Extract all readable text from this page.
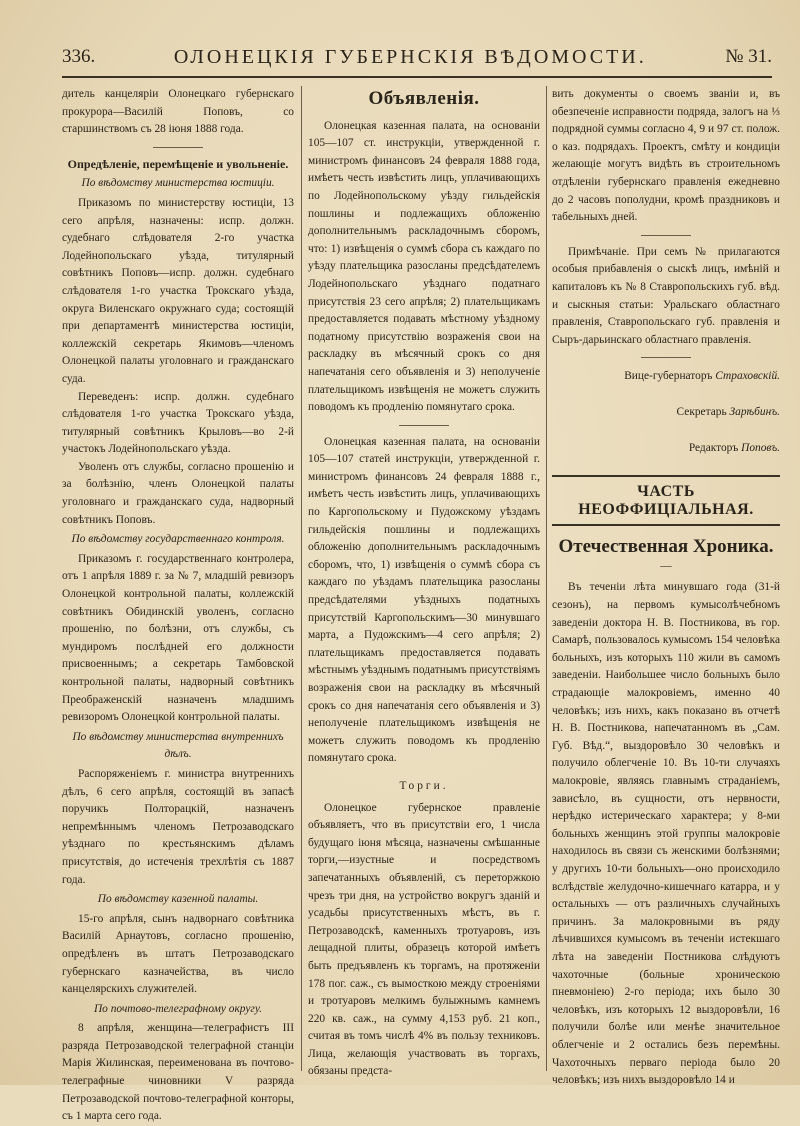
336.	ОЛОНЕЦКІЯ ГУБЕРНСКІЯ ВѢДОМОСТИ.	№ 31.

дитель канцеляріи Олонецкаго губернскаго прокурора—Василій Поповъ, со старшинствомъ съ 28 іюня 1888 года.

Опредѣленіе, перемѣщеніе и увольненіе.
По вѣдомству министерства юстиціи.

Приказомъ по министерству юстиціи, 13 сего апрѣля, назначены: испр. должн. судебнаго слѣдователя 2-го участка Лодейнопольскаго уѣзда, титулярный совѣтникъ Поповъ—испр. должн. судебнаго слѣдователя 1-го участка Трокскаго уѣзда, округа Виленскаго окружнаго суда; состоящій при департаментѣ министерства юстиціи, коллежскій секретарь Якимовъ—членомъ Олонецкой палаты уголовнаго и гражданскаго суда.

Переведенъ: испр. должн. судебнаго слѣдователя 1-го участка Трокскаго уѣзда, титулярный совѣтникъ Крыловъ—во 2-й участокъ Лодейнопольскаго уѣзда.

Уволенъ отъ службы, согласно прошенію и за болѣзнію, членъ Олонецкой палаты уголовнаго и гражданскаго суда, надворный совѣтникъ Поповъ.

По вѣдомству государственнаго контроля.

Приказомъ г. государственнаго контролера, отъ 1 апрѣля 1889 г. за № 7, младшій ревизоръ Олонецкой контрольной палаты, коллежскій совѣтникъ Обидинскій уволенъ, согласно прошенію, по болѣзни, отъ службы, съ мундиромъ послѣдней его должности присвоеннымъ; а секретарь Тамбовской контрольной палаты, надворный совѣтникъ Преображенскій назначенъ младшимъ ревизоромъ Олонецкой контрольной палаты.

По вѣдомству министерства внутреннихъ дѣлъ.

Распоряженіемъ г. министра внутреннихъ дѣлъ, 6 сего апрѣля, состоящій въ запасѣ поручикъ Полторацкій, назначенъ непремѣннымъ членомъ Петрозаводскаго уѣзднаго по крестьянскимъ дѣламъ присутствія, до истеченія трехлѣтія съ 1887 года.

По вѣдомству казенной палаты.

15-го апрѣля, сынъ надворнаго совѣтника Василій Арнаутовъ, согласно прошенію, опредѣленъ въ штатъ Петрозаводскаго губернскаго казначейства, въ число канцелярскихъ служителей.

По почтово-телеграфному округу.

8 апрѣля, женщина—телеграфистъ III разряда Петрозаводской телеграфной станціи Марія Жилинская, переименована въ почтово-телеграфные чиновники V разряда Петрозаводской почтово-телеграфной конторы, съ 1 марта сего года.

Объявленія.

Олонецкая казенная палата, на основаніи 105—107 ст. инструкціи, утвержденной г. министромъ финансовъ 24 февраля 1888 года, имѣетъ честь извѣстить лицъ, уплачивающихъ по Лодейнопольскому уѣзду гильдейскія пошлины и подлежащихъ обложенію дополнительнымъ раскладочнымъ сборомъ, что: 1) извѣщенія о суммѣ сбора съ каждаго по уѣзду плательщика разосланы предсѣдателемъ Лодейнопольскаго уѣзднаго податнаго присутствія 23 сего апрѣля; 2) плательщикамъ предоставляется подавать мѣстному уѣздному податному присутствію возраженія свои на раскладку въ мѣсячный срокъ со дня напечатанія сего объявленія и 3) неполученіе плательщикомъ извѣщенія не можетъ служить поводомъ къ продленію помянутаго срока.

Олонецкая казенная палата, на основаніи 105—107 статей инструкціи, утвержденной г. министромъ финансовъ 24 февраля 1888 г., имѣетъ честь извѣстить лицъ, уплачивающихъ по Каргопольскому и Пудожскому уѣздамъ гильдейскія пошлины и подлежащихъ обложенію дополнительнымъ раскладочнымъ сборомъ, что, 1) извѣщенія о суммѣ сбора съ каждаго по уѣздамъ плательщика разосланы предсѣдателями уѣздныхъ податныхъ присутствій Каргопольскимъ—30 минувшаго марта, а Пудожскимъ—4 сего апрѣля; 2) плательщикамъ предоставляется подавать мѣстнымъ уѣзднымъ податнымъ присутствіямъ возраженія свои на раскладку въ мѣсячный срокъ со дня напечатанія сего объявленія и 3) неполученіе плательщикомъ извѣщенія не можетъ служить поводомъ къ продленію помянутаго срока.

Торги.

Олонецкое губернское правленіе объявляетъ, что въ присутствіи его, 1 числа будущаго іюня мѣсяца, назначены смѣшанные торги,—изустные и посредствомъ запечатанныхъ объявленій, съ переторжкою чрезъ три дня, на устройство вокругъ зданій и усадьбы присутственныхъ мѣстъ, въ г. Петрозаводскѣ, каменныхъ тротуаровъ, изъ лещадной плиты, образецъ которой имѣетъ быть предъявленъ къ торгамъ, на протяженіи 178 пог. саж., съ вымосткою между строеніями и тротуаровъ мелкимъ булыжнымъ камнемъ 220 кв. саж., на сумму 4,153 руб. 21 коп., считая въ томъ числѣ 4% въ пользу техниковъ. Лица, желающія участвовать въ торгахъ, обязаны предста-

вить документы о своемъ званіи и, въ обезпеченіе исправности подряда, залогъ на ⅓ подрядной суммы согласно 4, 9 и 97 ст. полож. о каз. подрядахъ. Проектъ, смѣту и кондиціи желающіе могутъ видѣть въ строительномъ отдѣленіи губернскаго правленія ежедневно до 2 часовъ пополудни, кромѣ праздниковъ и табельныхъ дней.

Примѣчаніе. При семъ № прилагаются особыя прибавленія о сыскѣ лицъ, имѣній и капиталовъ къ № 8 Ставропольскихъ губ. вѣд. и сыскныя статьи: Уральскаго областнаго правленія, Ставропольскаго губ. правленія и Сыръ-дарьинскаго областнаго правленія.

Вице-губернаторъ Страховскій.
Секретарь Зарѣбинъ.
Редакторъ Поповъ.
ЧАСТЬ НЕОФФИЦІАЛЬНАЯ.
Отечественная Хроника.
—

Въ теченіи лѣта минувшаго года (31-й сезонъ), на первомъ кумысолѣчебномъ заведеніи доктора Н. В. Постникова, въ гор. Самарѣ, пользовалось кумысомъ 154 человѣка больныхъ, изъ которыхъ 110 жили въ самомъ заведеніи. Наибольшее число больныхъ было страдающіе малокровіемъ, именно 40 человѣкъ; изъ нихъ, какъ показано въ отчетѣ Н. В. Постникова, напечатанномъ въ „Сам. Губ. Вѣд.“, выздоровѣло 30 человѣкъ и получило облегченіе 10. Въ 10-ти случаяхъ малокровіе, являясь главнымъ страданіемъ, зависѣло, въ сущности, отъ нервности, нерѣдко истерическаго характера; у 8-ми больныхъ женщинъ этой группы малокровіе находилось въ связи съ женскими болѣзнями; у другихъ 10-ти больныхъ—оно происходило вслѣдствіе желудочно-кишечнаго катарра, и у остальныхъ — отъ различныхъ случайныхъ причинъ. За малокровными въ ряду лѣчившихся кумысомъ въ теченіи истекшаго лѣта на заведеніи Постникова слѣдуютъ чахоточные (больные хроническою пневмоніею) 2-го періода; ихъ было 30 человѣкъ, изъ которыхъ 12 выздоровѣли, 16 получили болѣе или менѣе значительное облегченіе и 2 остались безъ перемѣны. Чахоточныхъ перваго періода было 20 человѣкъ; изъ нихъ выздоровѣло 14 и
